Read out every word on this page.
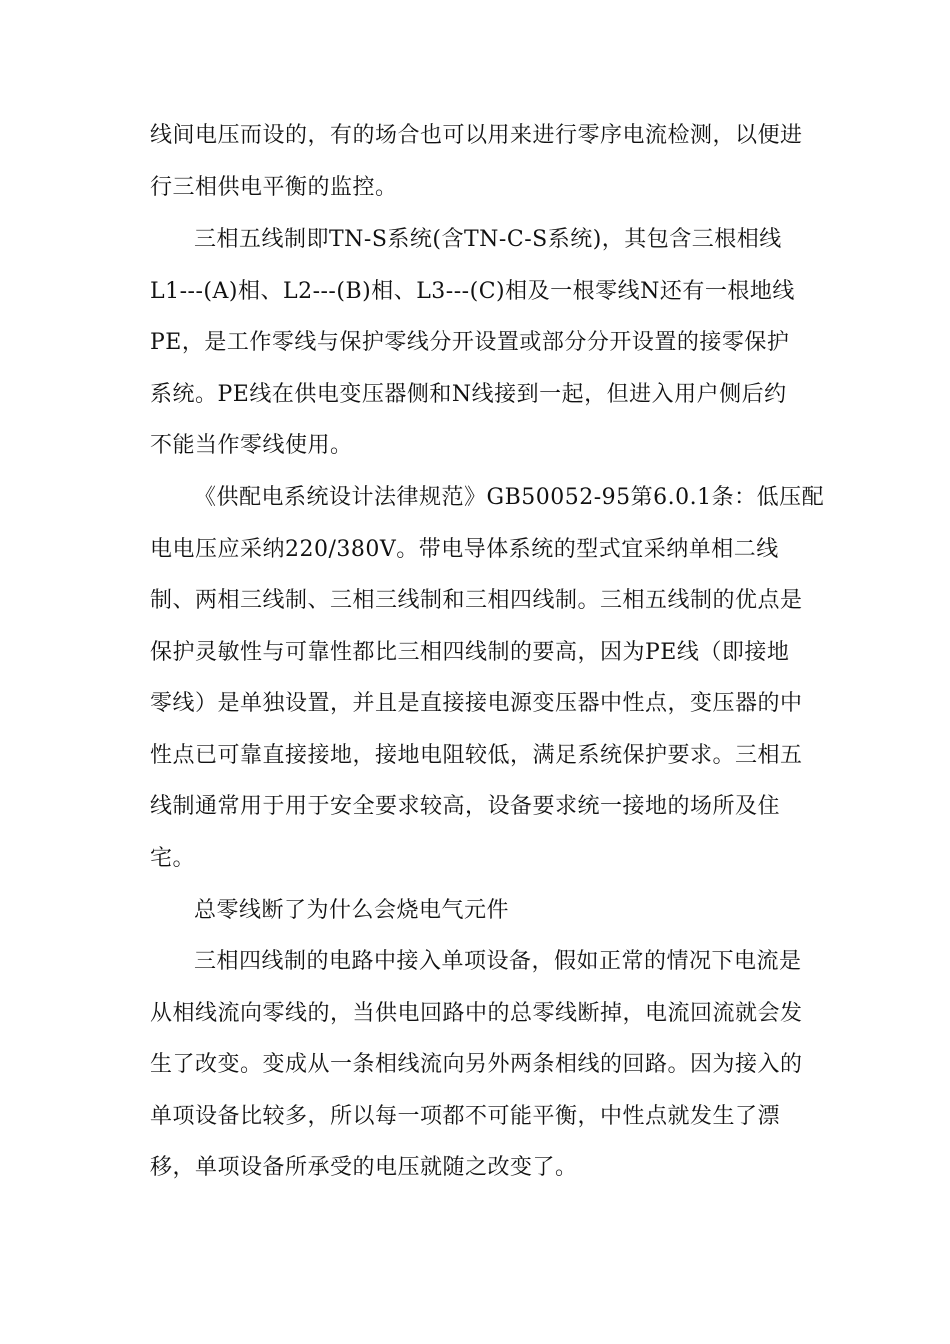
线间电压而设的，有的场合也可以用来进行零序电流检测，以便进

行三相供电平衡的监控。

三相五线制即TN-S系统(含TN-C-S系统)，其包含三根相线

L1---(A)相、L2---(B)相、L3---(C)相及一根零线N还有一根地线

PE，是工作零线与保护零线分开设置或部分分开设置的接零保护

系统。PE线在供电变压器侧和N线接到一起，但进入用户侧后约

不能当作零线使用。

《供配电系统设计法律规范》GB50052-95第6.0.1条：低压配

电电压应采纳220/380V。带电导体系统的型式宜采纳单相二线

制、两相三线制、三相三线制和三相四线制。三相五线制的优点是

保护灵敏性与可靠性都比三相四线制的要高，因为PE线（即接地

零线）是单独设置，并且是直接接电源变压器中性点，变压器的中

性点已可靠直接接地，接地电阻较低，满足系统保护要求。三相五

线制通常用于用于安全要求较高，设备要求统一接地的场所及住

宅。

总零线断了为什么会烧电气元件

三相四线制的电路中接入单项设备，假如正常的情况下电流是

从相线流向零线的，当供电回路中的总零线断掉，电流回流就会发

生了改变。变成从一条相线流向另外两条相线的回路。因为接入的

单项设备比较多，所以每一项都不可能平衡，中性点就发生了漂

移，单项设备所承受的电压就随之改变了。
